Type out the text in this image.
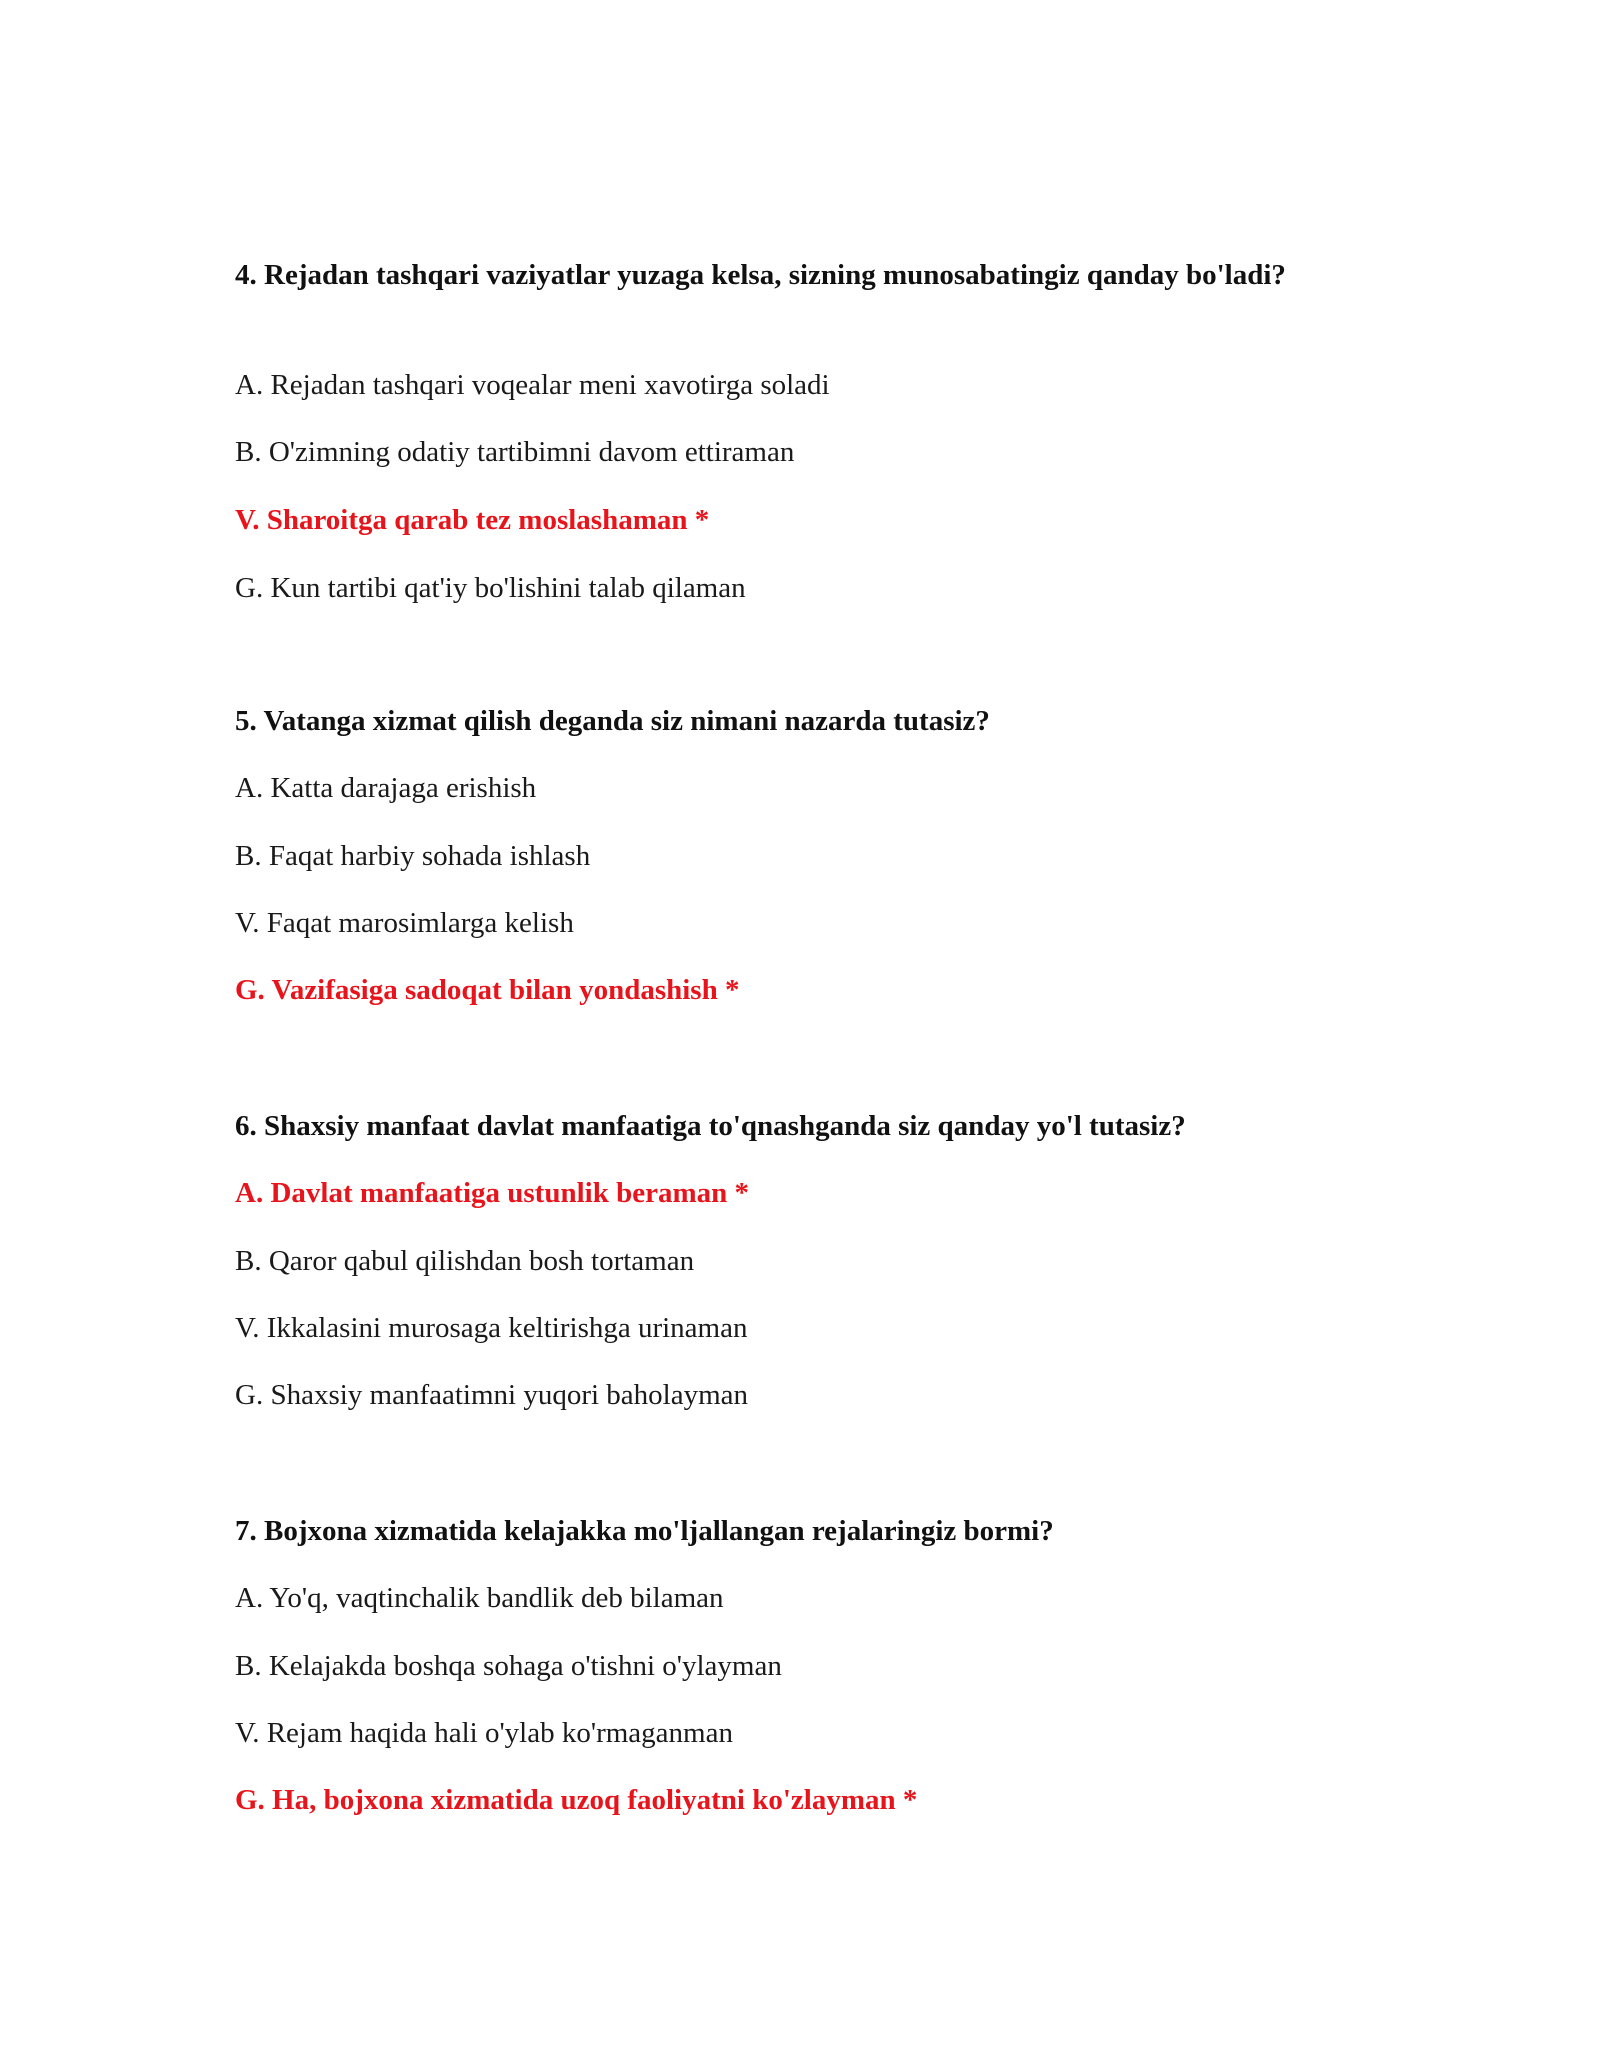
4. Rejadan tashqari vaziyatlar yuzaga kelsa, sizning munosabatingiz qanday bo'ladi?

A. Rejadan tashqari voqealar meni xavotirga soladi

B. O'zimning odatiy tartibimni davom ettiraman

V. Sharoitga qarab tez moslashaman *

G. Kun tartibi qat'iy bo'lishini talab qilaman

5. Vatanga xizmat qilish deganda siz nimani nazarda tutasiz?

A. Katta darajaga erishish

B. Faqat harbiy sohada ishlash

V. Faqat marosimlarga kelish

G. Vazifasiga sadoqat bilan yondashish *

6. Shaxsiy manfaat davlat manfaatiga to'qnashganda siz qanday yo'l tutasiz?

A. Davlat manfaatiga ustunlik beraman *

B. Qaror qabul qilishdan bosh tortaman

V. Ikkalasini murosaga keltirishga urinaman

G. Shaxsiy manfaatimni yuqori baholayman

7. Bojxona xizmatida kelajakka mo'ljallangan rejalaringiz bormi?

A. Yo'q, vaqtinchalik bandlik deb bilaman

B. Kelajakda boshqa sohaga o'tishni o'ylayman

V. Rejam haqida hali o'ylab ko'rmaganman

G. Ha, bojxona xizmatida uzoq faoliyatni ko'zlayman *
